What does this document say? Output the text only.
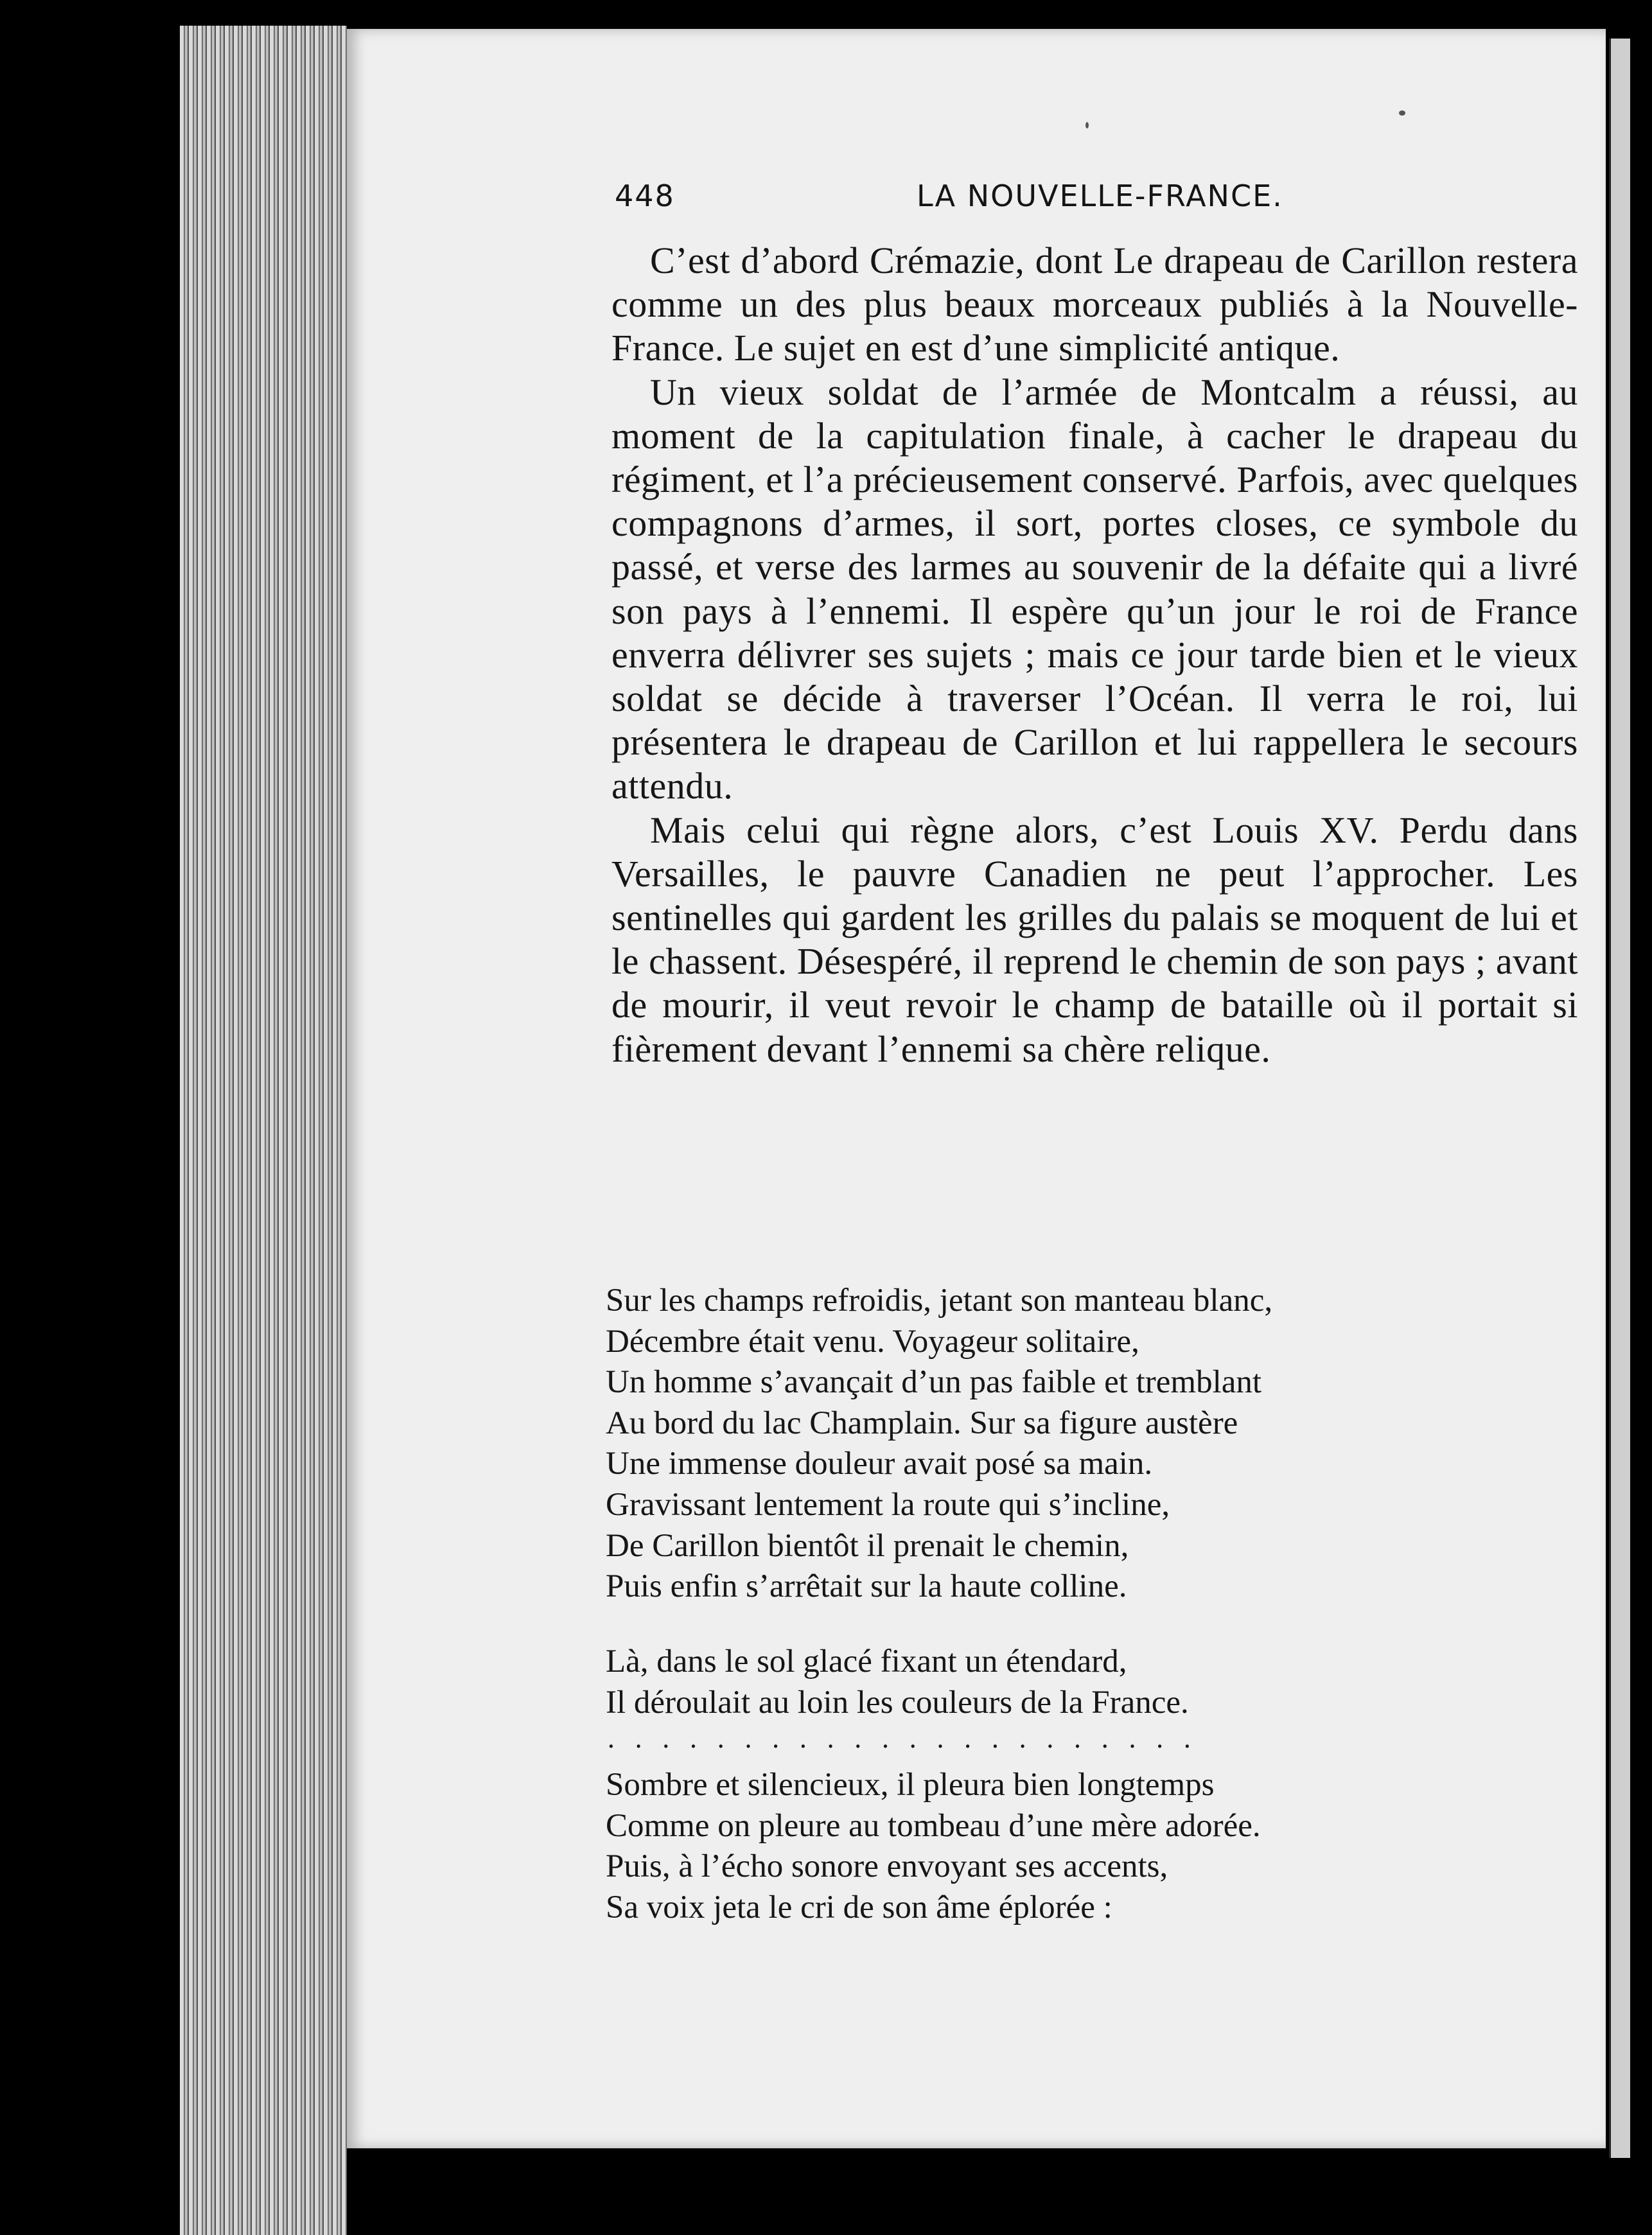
448	LA NOUVELLE-FRANCE.

C’est d’abord Crémazie, dont Le drapeau de Carillon restera comme un des plus beaux morceaux publiés à la Nouvelle-France. Le sujet en est d’une simplicité antique.

Un vieux soldat de l’armée de Montcalm a réussi, au moment de la capitulation finale, à cacher le drapeau du régiment, et l’a précieusement conservé. Parfois, avec quelques compagnons d’armes, il sort, portes closes, ce symbole du passé, et verse des larmes au souvenir de la défaite qui a livré son pays à l’ennemi. Il espère qu’un jour le roi de France enverra délivrer ses sujets ; mais ce jour tarde bien et le vieux soldat se décide à traverser l’Océan. Il verra le roi, lui présentera le drapeau de Carillon et lui rappellera le secours attendu.

Mais celui qui règne alors, c’est Louis XV. Perdu dans Versailles, le pauvre Canadien ne peut l’approcher. Les sentinelles qui gardent les grilles du palais se moquent de lui et le chassent. Désespéré, il reprend le chemin de son pays ; avant de mourir, il veut revoir le champ de bataille où il portait si fièrement devant l’ennemi sa chère relique.

Sur les champs refroidis, jetant son manteau blanc,
Décembre était venu. Voyageur solitaire,
Un homme s’avançait d’un pas faible et tremblant
Au bord du lac Champlain. Sur sa figure austère
Une immense douleur avait posé sa main.
Gravissant lentement la route qui s’incline,
De Carillon bientôt il prenait le chemin,
Puis enfin s’arrêtait sur la haute colline.
Là, dans le sol glacé fixant un étendard,
Il déroulait au loin les couleurs de la France.
......................
Sombre et silencieux, il pleura bien longtemps
Comme on pleure au tombeau d’une mère adorée.
Puis, à l’écho sonore envoyant ses accents,
Sa voix jeta le cri de son âme éplorée :
